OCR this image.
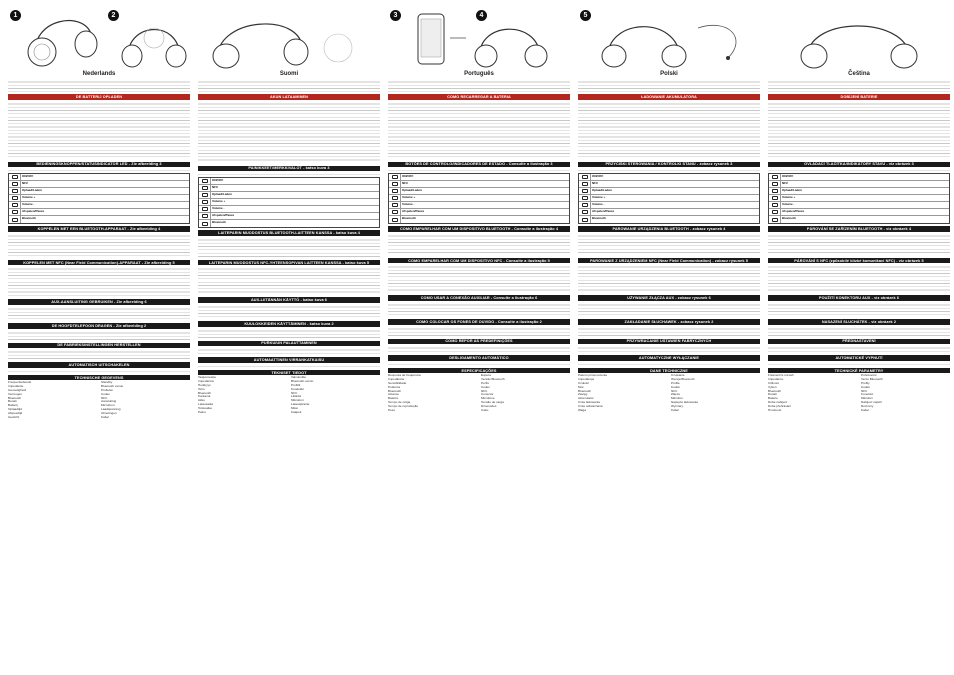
1	2
Nederlands
DE BATTERIJ OPLADEN
BEDIENINGSKNOPPEN/STATUSINDICATOR LED - Zie afbeelding 3
ON/OFF
NFC
Oplaad/Laden
Volume +
Volume -
Afspelen/Pauze
Bluetooth
KOPPELEN MET EEN BLUETOOTH-APPARAAT - Zie afbeelding 4
KOPPELEN MET NFC (Near Field Communication)-APPARAAT - Zie afbeelding 5
AUX-AANSLUITING GEBRUIKEN - Zie afbeelding 6
DE HOOFDTELEFOON DRAGEN - Zie afbeelding 2
DE FABRIEKSINSTELLINGEN HERSTELLEN
AUTOMATISCH UITSCHAKELEN
TECHNISCHE GEGEVENS
Frequentiebereik
Impedantie
Gevoeligheid
Vermogen
Bluetooth
Bereik
Batterij
Oplaadtijd
Afspeeltijd
Gewicht
Standby
Bluetooth versie
Profielen
Codec
NFC
Aansluiting
Microfoon
Laadspanning
Afmetingen
Kabel
Suomi
AKUN LATAAMINEN
PAINIKKEET/MERKKIVALOT - katso kuva 3
ON/OFF
NFC
Oplaad/Laden
Volume +
Volume -
Afspelen/Pauze
Bluetooth
LAITEPARIN MUODOSTUS BLUETOOTH-LAITTEEN KANSSA - katso kuva 4
LAITEPARIN MUODOSTUS NFC-YHTEENSOPIVAN LAITTEEN KANSSA - katso kuva 5
AUX-LIITÄNNÄN KÄYTTÖ - katso kuva 6
KUULOKKEIDEN KÄYTTÄMINEN - katso kuva 2
PURKU/UN PALAUTTAMINEN
AUTOMAATTINEN VIRRANKATKAISU
TEKNISET TIEDOT
Taajuusvaste
Impedanssi
Herkkyys
Teho
Bluetooth
Kantama
Akku
Latausaika
Toistoaika
Paino
Valmiustila
Bluetooth-versio
Profiilit
Koodekki
NFC
Liitäntä
Mikrofoni
Latausjännite
Mitat
Kaapeli
3	4
Português
COMO RECARREGAR A BATERIA
BOTÕES DE CONTROLO/INDICADORES DE ESTADO - Consulte a ilustração 3
ON/OFF
NFC
Oplaad/Laden
Volume +
Volume -
Afspelen/Pauze
Bluetooth
COMO EMPARELHAR COM UM DISPOSITIVO BLUETOOTH - Consulte a ilustração 4
COMO EMPARELHAR COM UM DISPOSITIVO NFC - Consulte a ilustração 5
COMO USAR A CONEXÃO AUXILIAR - Consulte a ilustração 6
COMO COLOCAR OS FONES DE OUVIDO - Consulte a ilustração 2
COMO REPOR AS PREDEFINIÇÕES
DESLIGAMENTO AUTOMÁTICO
ESPECIFICAÇÕES
Resposta de frequência
Impedância
Sensibilidade
Potência
Bluetooth
Alcance
Bateria
Tempo de carga
Tempo de reprodução
Peso
Espera
Versão Bluetooth
Perfis
Codec
NFC
Conector
Microfone
Tensão de carga
Dimensões
Cabo
5
Polski
ŁADOWANIE AKUMULATORA
PRZYCISKI STEROWANIA / KONTROLKI STANU - zobacz rysunek 3
ON/OFF
NFC
Oplaad/Laden
Volume +
Volume -
Afspelen/Pauze
Bluetooth
PAROWANIE URZĄDZENIA BLUETOOTH - zobacz rysunek 4
PAROWANIE Z URZĄDZENIEM NFC (Near Field Communication) - zobacz rysunek 5
UŻYWANIE ZŁĄCZA AUX - zobacz rysunek 6
ZAKŁADANIE SŁUCHAWEK - zobacz rysunek 2
PRZYWRACANIE USTAWIEŃ FABRYCZNYCH
AUTOMATYCZNE WYŁĄCZANIE
DANE TECHNICZNE
Pasmo przenoszenia
Impedancja
Czułość
Moc
Bluetooth
Zasięg
Akumulator
Czas ładowania
Czas odtwarzania
Waga
Czuwanie
Wersja Bluetooth
Profile
Kodek
NFC
Złącze
Mikrofon
Napięcie ładowania
Wymiary
Kabel
Čeština
DOBÍJENÍ BATERIE
OVLÁDACÍ TLAČÍTKA/INDIKÁTORY STAVU - viz obrázek 3
ON/OFF
NFC
Oplaad/Laden
Volume +
Volume -
Afspelen/Pauze
Bluetooth
PÁROVÁNÍ SE ZAŘÍZENÍM BLUETOOTH - viz obrázek 4
PÁROVÁNÍ S NFC (způsobilé blízké komunikaci NFC) - viz obrázek 5
POUŽITÍ KONEKTORU AUX - viz obrázek 6
NASAZENÍ SLUCHÁTEK - viz obrázek 2
PŘEDNASTAVENÍ
AUTOMATICKÉ VYPNUTÍ
TECHNICKÉ PARAMETRY
Frekvenční rozsah
Impedance
Citlivost
Výkon
Bluetooth
Dosah
Baterie
Doba nabíjení
Doba přehrávání
Hmotnost
Pohotovost
Verze Bluetooth
Profily
Kodek
NFC
Konektor
Mikrofon
Nabíjecí napětí
Rozměry
Kabel
